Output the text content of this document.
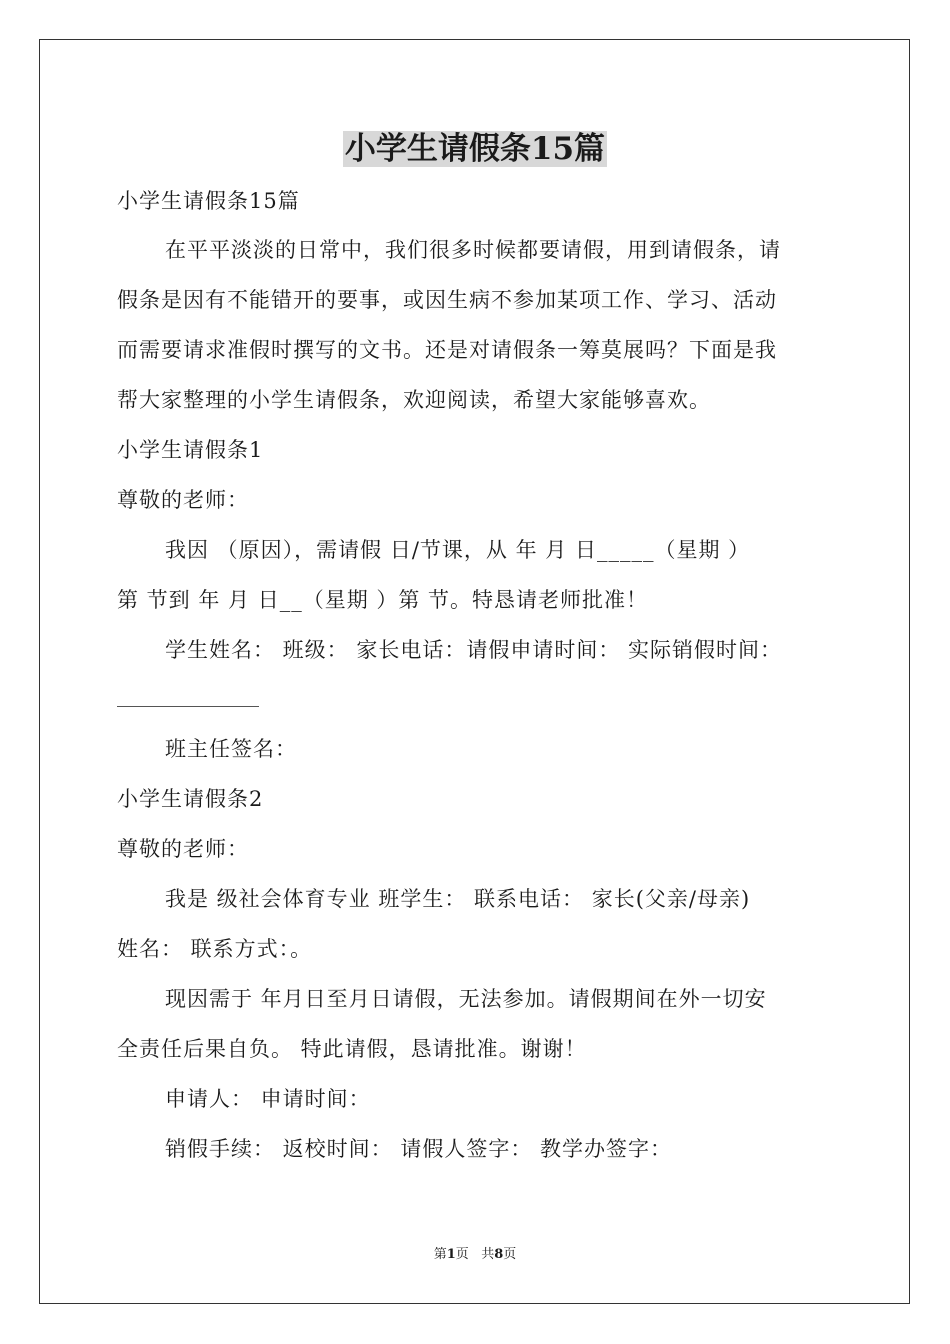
小学生请假条15篇
小学生请假条15篇
在平平淡淡的日常中，我们很多时候都要请假，用到请假条，请
假条是因有不能错开的要事，或因生病不参加某项工作、学习、活动
而需要请求准假时撰写的文书。还是对请假条一筹莫展吗？下面是我
帮大家整理的小学生请假条，欢迎阅读，希望大家能够喜欢。
小学生请假条1
尊敬的老师：
我因 （原因），需请假 日/节课，从 年 月 日_____（星期 ）
第 节到 年 月 日__（星期 ）第 节。特恳请老师批准！
学生姓名： 班级： 家长电话：请假申请时间： 实际销假时间：
班主任签名：
小学生请假条2
尊敬的老师：
我是 级社会体育专业 班学生： 联系电话： 家长(父亲/母亲)
姓名： 联系方式：。
现因需于 年月日至月日请假，无法参加。请假期间在外一切安
全责任后果自负。 特此请假，恳请批准。谢谢！
申请人： 申请时间：
销假手续： 返校时间： 请假人签字： 教学办签字：
第1页 共8页
